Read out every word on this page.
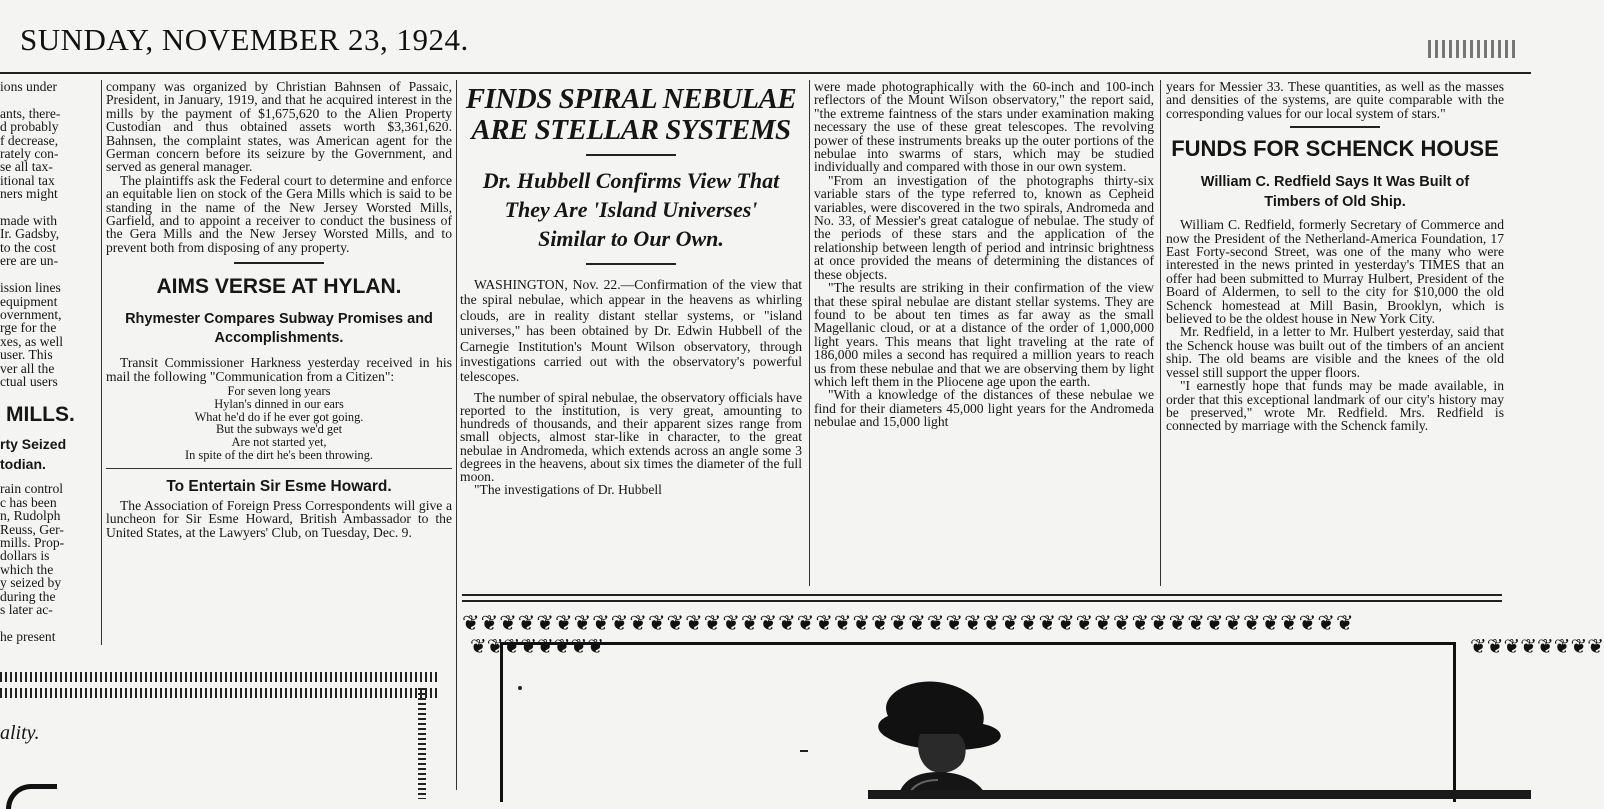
SUNDAY, NOVEMBER 23, 1924.
ions under

ants, there-
d probably
f decrease,
rately con-
se all tax-
itional tax
ners might

made with
Ir. Gadsby,
to the cost
ere are un-

ission lines
equipment
overnment,
rge for the
xes, as well
user. This
ver all the
ctual users
MILLS.
rty Seized
todian.
rain control
c has been
n, Rudolph
Reuss, Ger-
mills. Prop-
dollars is
which the
y seized by
during the
s later ac-

he present

company was organized by Christian Bahnsen of Passaic, President, in January, 1919, and that he acquired interest in the mills by the payment of $1,675,620 to the Alien Property Custodian and thus obtained assets worth $3,361,620. Bahnsen, the complaint states, was American agent for the German concern before its seizure by the Government, and served as general manager.

The plaintiffs ask the Federal court to determine and enforce an equitable lien on stock of the Gera Mills which is said to be standing in the name of the New Jersey Worsted Mills, Garfield, and to appoint a receiver to conduct the business of the Gera Mills and the New Jersey Worsted Mills, and to prevent both from disposing of any property.

AIMS VERSE AT HYLAN.
Rhymester Compares Subway Promises and Accomplishments.

Transit Commissioner Harkness yesterday received in his mail the following "Communication from a Citizen":

For seven long years
Hylan's dinned in our ears
What he'd do if he ever got going.
But the subways we'd get
Are not started yet,
In spite of the dirt he's been throwing.
To Entertain Sir Esme Howard.

The Association of Foreign Press Correspondents will give a luncheon for Sir Esme Howard, British Ambassador to the United States, at the Lawyers' Club, on Tuesday, Dec. 9.

FINDS SPIRAL NEBULAE
ARE STELLAR SYSTEMS
Dr. Hubbell Confirms View That
They Are 'Island Universes'
Similar to Our Own.

WASHINGTON, Nov. 22.—Confirmation of the view that the spiral nebulae, which appear in the heavens as whirling clouds, are in reality distant stellar systems, or "island universes," has been obtained by Dr. Edwin Hubbell of the Carnegie Institution's Mount Wilson observatory, through investigations carried out with the observatory's powerful telescopes.

The number of spiral nebulae, the observatory officials have reported to the institution, is very great, amounting to hundreds of thousands, and their apparent sizes range from small objects, almost star-like in character, to the great nebulae in Andromeda, which extends across an angle some 3 degrees in the heavens, about six times the diameter of the full moon.

"The investigations of Dr. Hubbell

were made photographically with the 60-inch and 100-inch reflectors of the Mount Wilson observatory," the report said, "the extreme faintness of the stars under examination making necessary the use of these great telescopes. The revolving power of these instruments breaks up the outer portions of the nebulae into swarms of stars, which may be studied individually and compared with those in our own system.

"From an investigation of the photographs thirty-six variable stars of the type referred to, known as Cepheid variables, were discovered in the two spirals, Andromeda and No. 33, of Messier's great catalogue of nebulae. The study of the periods of these stars and the application of the relationship between length of period and intrinsic brightness at once provided the means of determining the distances of these objects.

"The results are striking in their confirmation of the view that these spiral nebulae are distant stellar systems. They are found to be about ten times as far away as the small Magellanic cloud, or at a distance of the order of 1,000,000 light years. This means that light traveling at the rate of 186,000 miles a second has required a million years to reach us from these nebulae and that we are observing them by light which left them in the Pliocene age upon the earth.

"With a knowledge of the distances of these nebulae we find for their diameters 45,000 light years for the Andromeda nebulae and 15,000 light

years for Messier 33. These quantities, as well as the masses and densities of the systems, are quite comparable with the corresponding values for our local system of stars."

FUNDS FOR SCHENCK HOUSE
William C. Redfield Says It Was Built of Timbers of Old Ship.

William C. Redfield, formerly Secretary of Commerce and now the President of the Netherland-America Foundation, 17 East Forty-second Street, was one of the many who were interested in the news printed in yesterday's TIMES that an offer had been submitted to Murray Hulbert, President of the Board of Aldermen, to sell to the city for $10,000 the old Schenck homestead at Mill Basin, Brooklyn, which is believed to be the oldest house in New York City.

Mr. Redfield, in a letter to Mr. Hulbert yesterday, said that the Schenck house was built out of the timbers of an ancient ship. The old beams are visible and the knees of the old vessel still support the upper floors.

"I earnestly hope that funds may be made available, in order that this exceptional landmark of our city's history may be preserved," wrote Mr. Redfield. Mrs. Redfield is connected by marriage with the Schenck family.

❦❦❦❦❦❦❦❦❦❦❦❦❦❦❦❦❦❦❦❦❦❦❦❦❦❦❦❦❦❦❦❦❦❦❦❦❦❦❦❦❦❦❦❦❦❦❦❦
❦❦❦❦❦❦❦❦	❦❦❦❦❦❦❦❦
ality.
